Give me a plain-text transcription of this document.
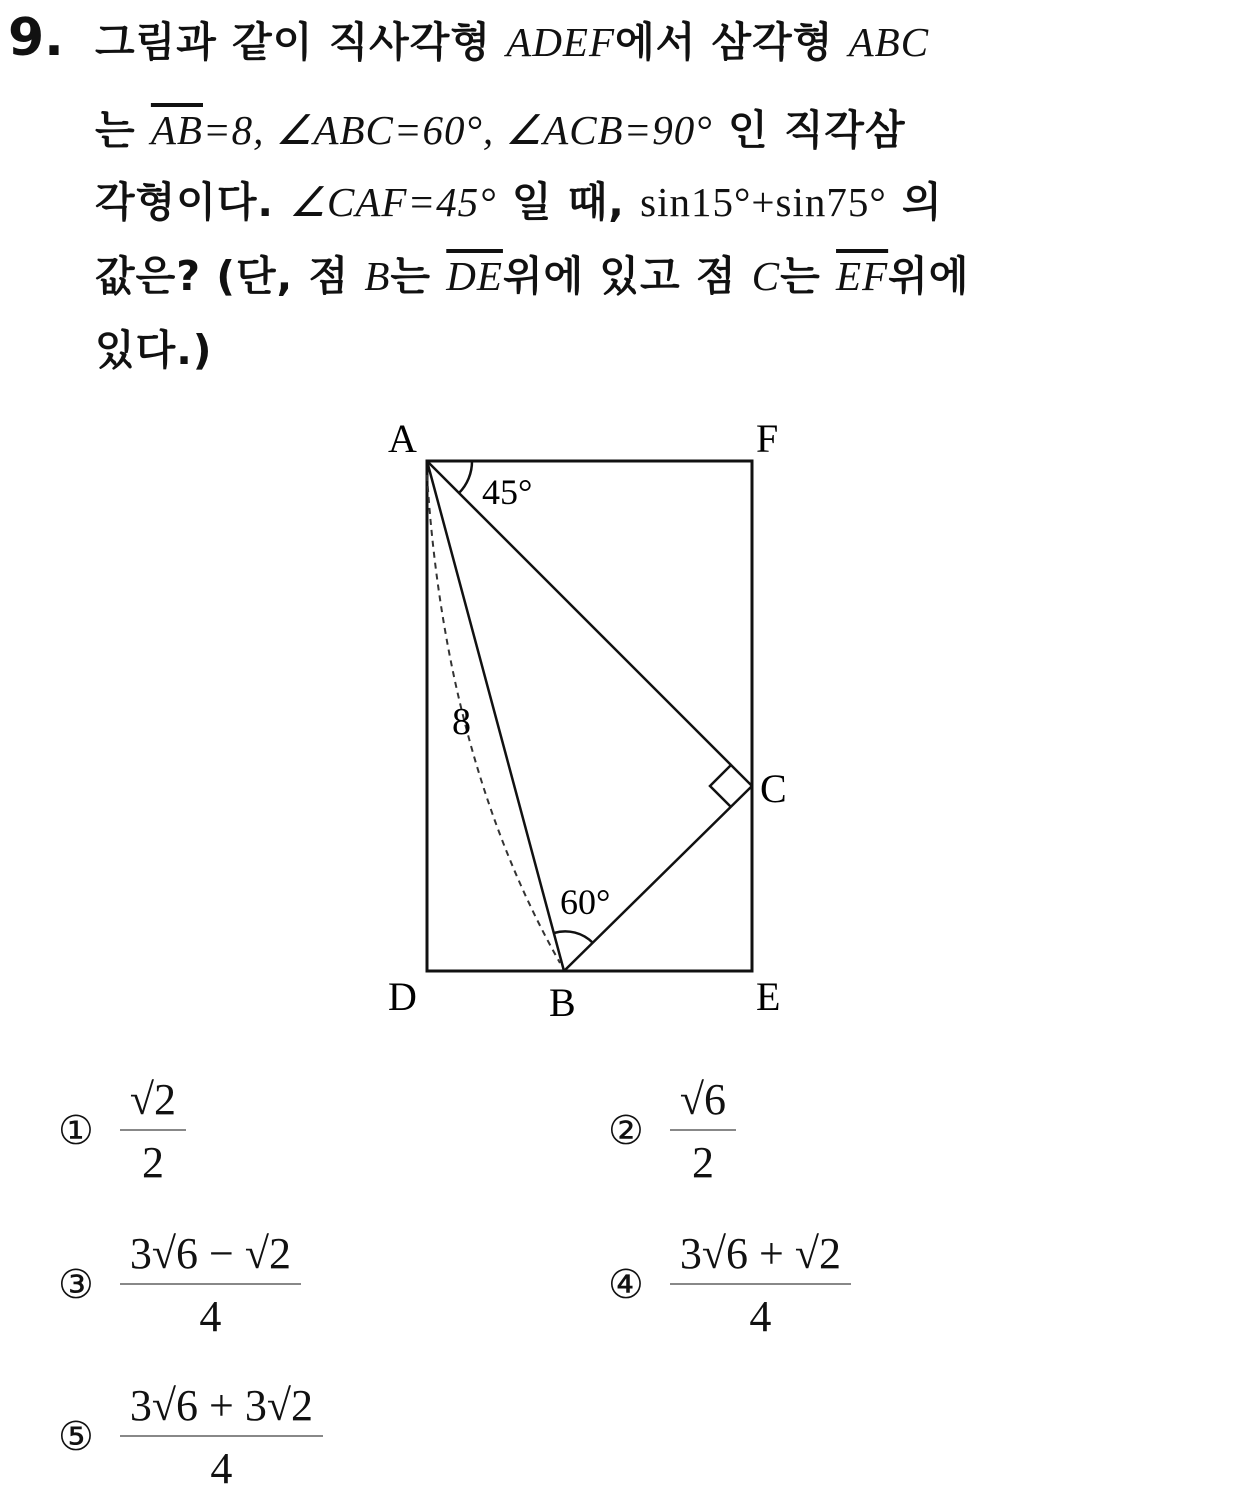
9. 그림과 같이 직사각형 ADEF에서 삼각형 ABC
는 $\overline{AB}=8$, ∠ABC=60°, ∠ACB=90° 인 직각삼
각형이다. ∠CAF=45° 일 때, sin15°+sin75° 의
값은? (단, 점 B는 $\overline{DE}$위에 있고 점 C는 $\overline{EF}$위에
있다.)
A	F
C
D	B	E
45°
60°
8
① $\frac{√2}{2}$	② $\frac{√6}{2}$
③ $\frac{3√6 - √2}{4}$	④ $\frac{3√6 + √2}{4}$
⑤ $\frac{3√6 + 3√2}{4}$
